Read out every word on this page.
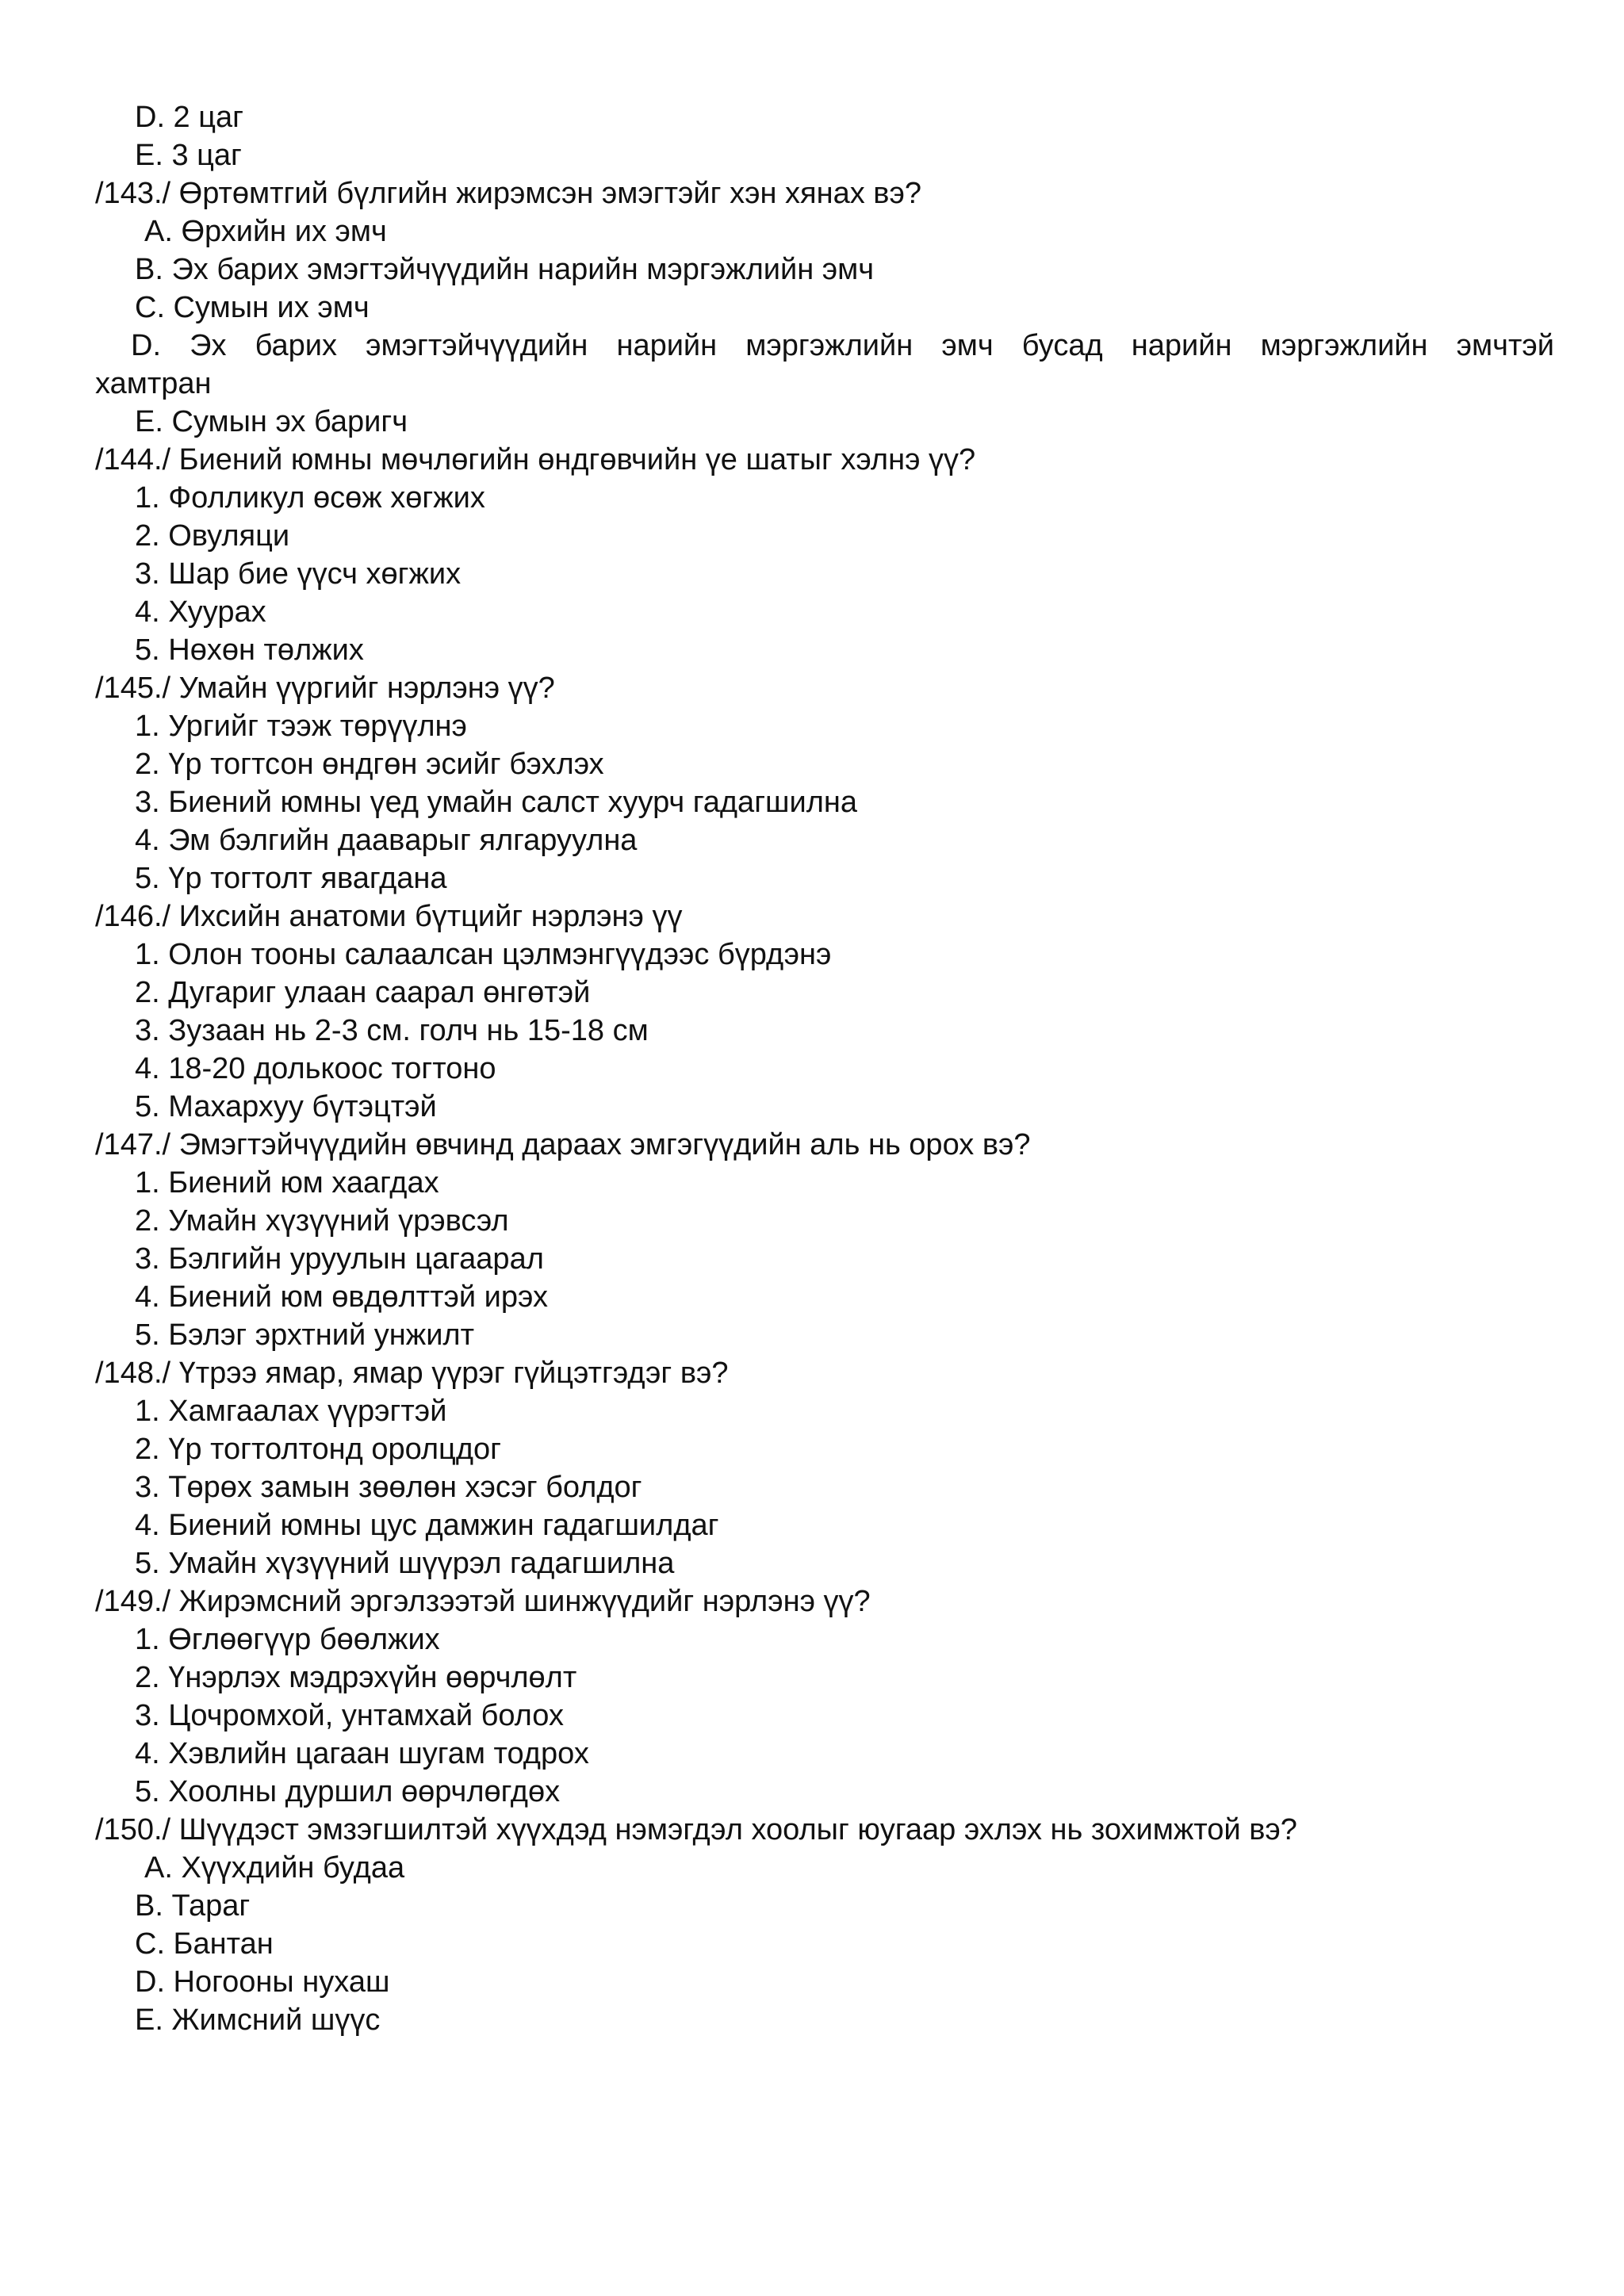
D. 2 цаг
E. 3 цаг
/143./ Өртөмтгий бүлгийн жирэмсэн эмэгтэйг хэн хянах вэ?
A. Өрхийн их эмч
B. Эх барих эмэгтэйчүүдийн нарийн мэргэжлийн эмч
C. Сумын их эмч
D. Эх барих эмэгтэйчүүдийн нарийн мэргэжлийн эмч бусад нарийн мэргэжлийн эмчтэй
хамтран
E. Сумын эх баригч
/144./ Биений юмны мөчлөгийн өндгөвчийн үе шатыг хэлнэ үү?
1. Фолликул өсөж хөгжих
2. Овуляци
3. Шар бие үүсч хөгжих
4. Хуурах
5. Нөхөн төлжих
/145./ Умайн үүргийг нэрлэнэ үү?
1. Ургийг тээж төрүүлнэ
2. Үр тогтсон өндгөн эсийг бэхлэх
3. Биений юмны үед умайн салст хуурч гадагшилна
4. Эм бэлгийн даавaрыг ялгаруулна
5. Үр тогтолт явагдана
/146./ Ихсийн анатоми бүтцийг нэрлэнэ үү
1. Олон тооны салаалсан цэлмэнгүүдээс бүрдэнэ
2. Дугариг улаан саарал өнгөтэй
3. Зузаан нь 2-3 см. голч нь 15-18 см
4. 18-20 долькоос тогтоно
5. Махархуу бүтэцтэй
/147./ Эмэгтэйчүүдийн өвчинд дараах эмгэгүүдийн аль нь орох вэ?
1. Биений юм хаагдах
2. Умайн хүзүүний үрэвсэл
3. Бэлгийн уруулын цагаарал
4. Биений юм өвдөлттэй ирэх
5. Бэлэг эрхтний унжилт
/148./ Үтрээ ямар, ямар үүрэг гүйцэтгэдэг вэ?
1. Хамгаалах үүрэгтэй
2. Үр тогтолтонд оролцдог
3. Төрөх замын зөөлөн хэсэг болдог
4. Биений юмны цус дамжин гадагшилдаг
5. Умайн хүзүүний шүүрэл гадагшилна
/149./ Жирэмсний эргэлзээтэй шинжүүдийг нэрлэнэ үү?
1. Өглөөгүүр бөөлжих
2. Үнэрлэх мэдрэхүйн өөрчлөлт
3. Цочромхой, унтамхай болох
4. Хэвлийн цагаан шугам тодрох
5. Хоолны дуршил өөрчлөгдөх
/150./ Шүүдэст эмзэгшилтэй хүүхдэд нэмэгдэл хоолыг юугаар эхлэх нь зохимжтой вэ?
A. Хүүхдийн будаа
B. Тараг
C. Бантан
D. Ногооны нухаш
E. Жимсний шүүс
